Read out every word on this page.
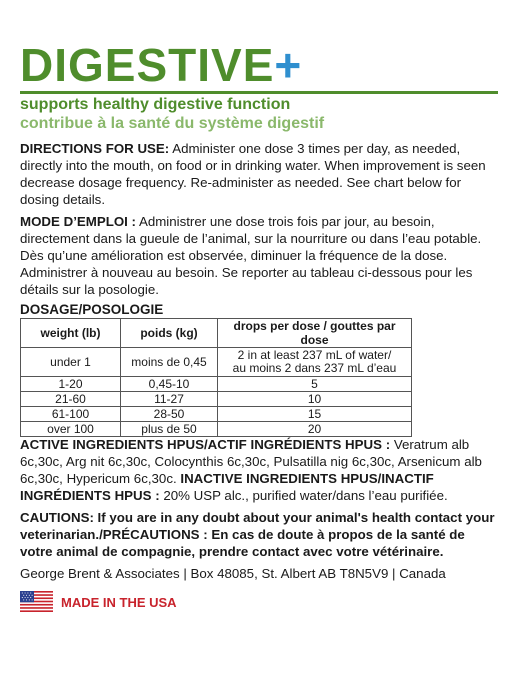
DIGESTIVE+
supports healthy digestive function
contribue à la santé du système digestif
DIRECTIONS FOR USE: Administer one dose 3 times per day, as needed, directly into the mouth, on food or in drinking water. When improvement is seen decrease dosage frequency. Re-administer as needed. See chart below for dosing details.
MODE D’EMPLOI : Administrer une dose trois fois par jour, au besoin, directement dans la gueule de l’animal, sur la nourriture ou dans l’eau potable. Dès qu’une amélioration est observée, diminuer la fréquence de la dose. Administrer à nouveau au besoin. Se reporter au tableau ci-dessous pour les détails sur la posologie.
DOSAGE/POSOLOGIE
weight (lb)	poids (kg)	drops per dose / gouttes par dose
under 1	moins de 0,45	2 in at least 237 mL of water/
au moins 2 dans 237 mL d’eau

1-20	0,45-10	5
21-60	11-27	10
61-100	28-50	15
over 100	plus de 50	20
ACTIVE INGREDIENTS HPUS/ACTIF INGRÉDIENTS HPUS : Veratrum alb 6c,30c, Arg nit 6c,30c, Colocynthis 6c,30c, Pulsatilla nig 6c,30c, Arsenicum alb 6c,30c, Hypericum 6c,30c. INACTIVE INGREDIENTS HPUS/INACTIF INGRÉDIENTS HPUS : 20% USP alc., purified water/dans l’eau purifiée.
CAUTIONS: If you are in any doubt about your animal's health contact your veterinarian./PRÉCAUTIONS : En cas de doute à propos de la santé de votre animal de compagnie, prendre contact avec votre vétérinaire.
George Brent & Associates | Box 48085, St. Albert AB T8N5V9 | Canada
MADE IN THE USA
